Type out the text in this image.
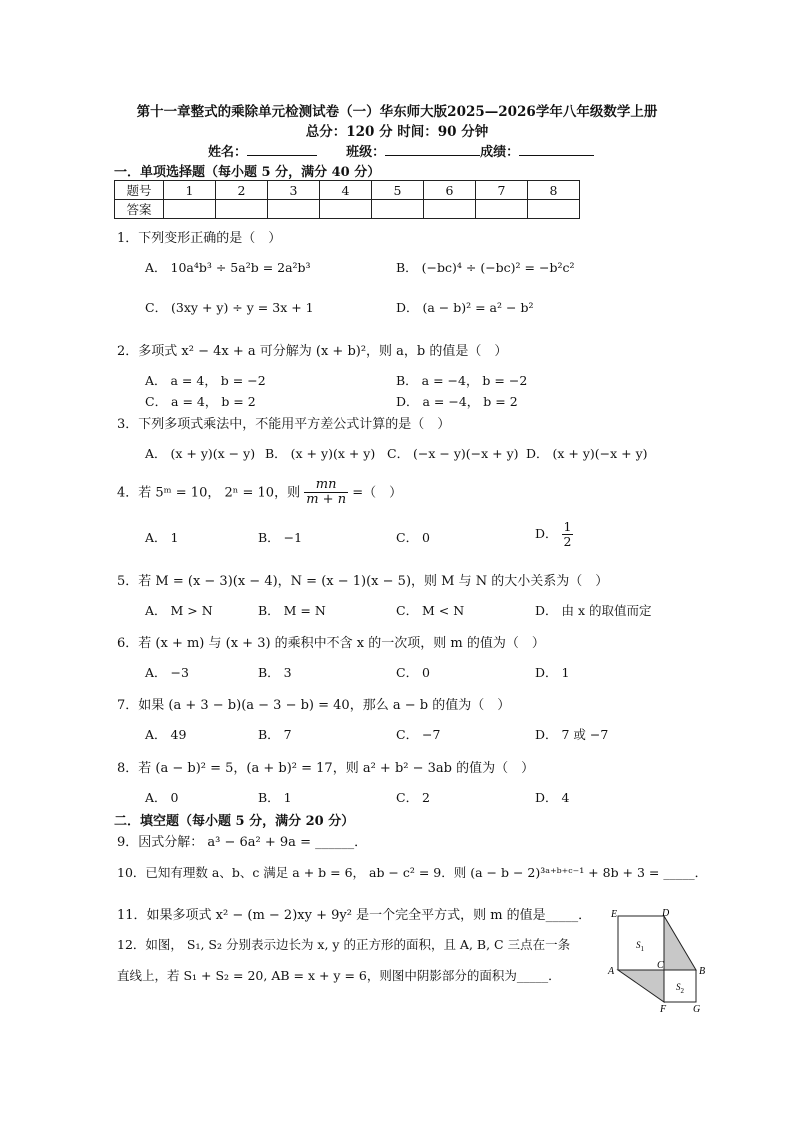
第十一章整式的乘除单元检测试卷（一）华东师大版2025—2026学年八年级数学上册
总分：120 分 时间：90 分钟
姓名：	班级：	成绩：
一．单项选择题（每小题 5 分，满分 40 分）
题号	1	2	3	4	5	6	7	8
答案								
1．下列变形正确的是（　）
A． 10a⁴b³ ÷ 5a²b = 2a²b³	B． (−bc)⁴ ÷ (−bc)² = −b²c²
C． (3xy + y) ÷ y = 3x + 1	D． (a − b)² = a² − b²
2．多项式 x² − 4x + a 可分解为 (x + b)²，则 a，b 的值是（　）
A． a = 4， b = −2	B． a = −4， b = −2
C． a = 4， b = 2	D． a = −4， b = 2
3．下列多项式乘法中，不能用平方差公式计算的是（　）
A． (x + y)(x − y) B． (x + y)(x + y) C． (−x − y)(−x + y) D． (x + y)(−x + y)
4．若 5ᵐ = 10， 2ⁿ = 10，则 $\frac{mn}{m + n}$ =（　）
A． 1	B． −1	C． 0	D． $\frac{1}{2}$
5．若 M = (x − 3)(x − 4)，N = (x − 1)(x − 5)，则 M 与 N 的大小关系为（　）
A． M > N	B． M = N	C． M < N	D． 由 x 的取值而定
6．若 (x + m) 与 (x + 3) 的乘积中不含 x 的一次项，则 m 的值为（　）
A． −3	B． 3	C． 0	D． 1
7．如果 (a + 3 − b)(a − 3 − b) = 40，那么 a − b 的值为（　）
A． 49	B． 7	C． −7	D． 7 或 −7
8．若 (a − b)² = 5，(a + b)² = 17，则 a² + b² − 3ab 的值为（　）
A． 0	B． 1	C． 2	D． 4
二．填空题（每小题 5 分，满分 20 分）
9．因式分解： a³ − 6a² + 9a = ______．
10．已知有理数 a、b、c 满足 a + b = 6， ab − c² = 9．则 (a − b − 2)³ᵃ⁺ᵇ⁺ᶜ⁻¹ + 8b + 3 = _____．
11．如果多项式 x² − (m − 2)xy + 9y² 是一个完全平方式，则 m 的值是_____．
12．如图， S₁, S₂ 分别表示边长为 x, y 的正方形的面积，且 A, B, C 三点在一条
直线上，若 S₁ + S₂ = 20, AB = x + y = 6，则图中阴影部分的面积为_____．
E	D
$S_1$
C
A	B
$S_2$
F	G
